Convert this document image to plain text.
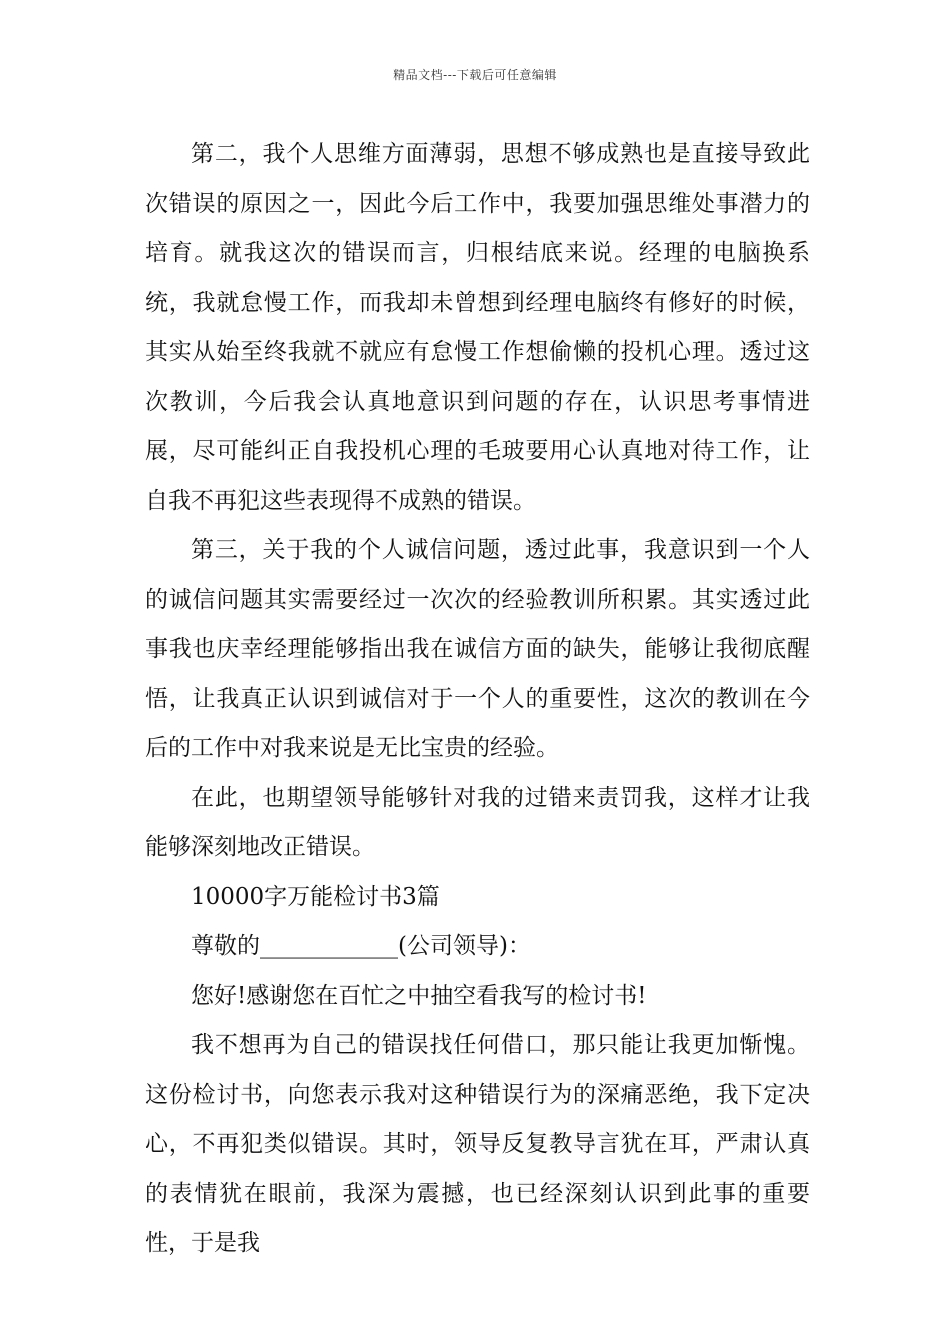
精品文档---下载后可任意编辑

第二，我个人思维方面薄弱，思想不够成熟也是直接导致此次错误的原因之一，因此今后工作中，我要加强思维处事潜力的培育。就我这次的错误而言，归根结底来说。经理的电脑换系统，我就怠慢工作，而我却未曾想到经理电脑终有修好的时候，其实从始至终我就不就应有怠慢工作想偷懒的投机心理。透过这次教训，今后我会认真地意识到问题的存在，认识思考事情进展，尽可能纠正自我投机心理的毛玻要用心认真地对待工作，让自我不再犯这些表现得不成熟的错误。

第三，关于我的个人诚信问题，透过此事，我意识到一个人的诚信问题其实需要经过一次次的经验教训所积累。其实透过此事我也庆幸经理能够指出我在诚信方面的缺失，能够让我彻底醒悟，让我真正认识到诚信对于一个人的重要性，这次的教训在今后的工作中对我来说是无比宝贵的经验。

在此，也期望领导能够针对我的过错来责罚我，这样才让我能够深刻地改正错误。

10000字万能检讨书3篇

尊敬的____________(公司领导)：

您好!感谢您在百忙之中抽空看我写的检讨书!

我不想再为自己的错误找任何借口，那只能让我更加惭愧。这份检讨书，向您表示我对这种错误行为的深痛恶绝，我下定决心，不再犯类似错误。其时，领导反复教导言犹在耳，严肃认真的表情犹在眼前，我深为震撼，也已经深刻认识到此事的重要性，于是我
